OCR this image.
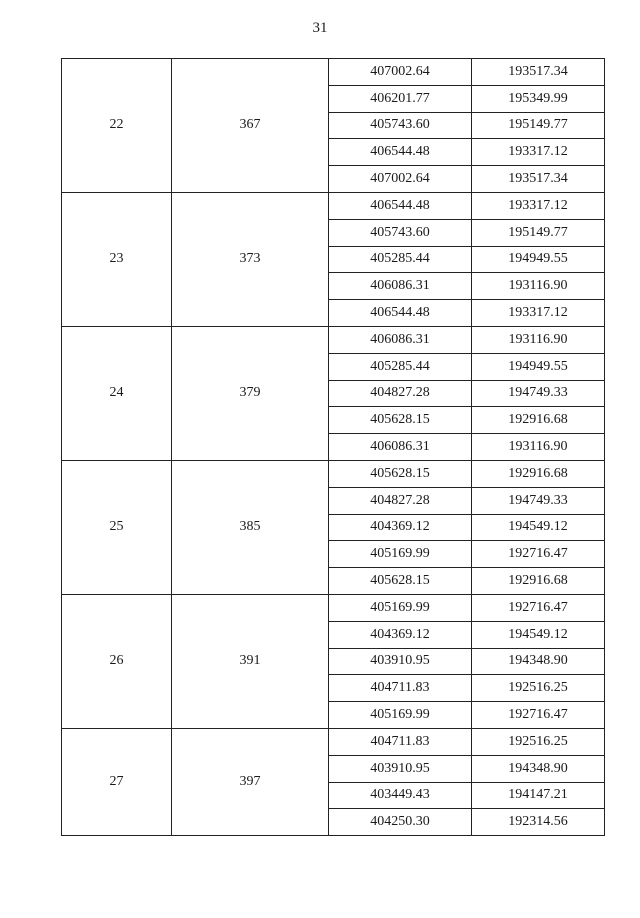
31
22	367	407002.64	193517.34
		406201.77	195349.99
		405743.60	195149.77
		406544.48	193317.12
		407002.64	193517.34
23	373	406544.48	193317.12
		405743.60	195149.77
		405285.44	194949.55
		406086.31	193116.90
		406544.48	193317.12
24	379	406086.31	193116.90
		405285.44	194949.55
		404827.28	194749.33
		405628.15	192916.68
		406086.31	193116.90
25	385	405628.15	192916.68
		404827.28	194749.33
		404369.12	194549.12
		405169.99	192716.47
		405628.15	192916.68
26	391	405169.99	192716.47
		404369.12	194549.12
		403910.95	194348.90
		404711.83	192516.25
		405169.99	192716.47
27	397	404711.83	192516.25
		403910.95	194348.90
		403449.43	194147.21
		404250.30	192314.56
